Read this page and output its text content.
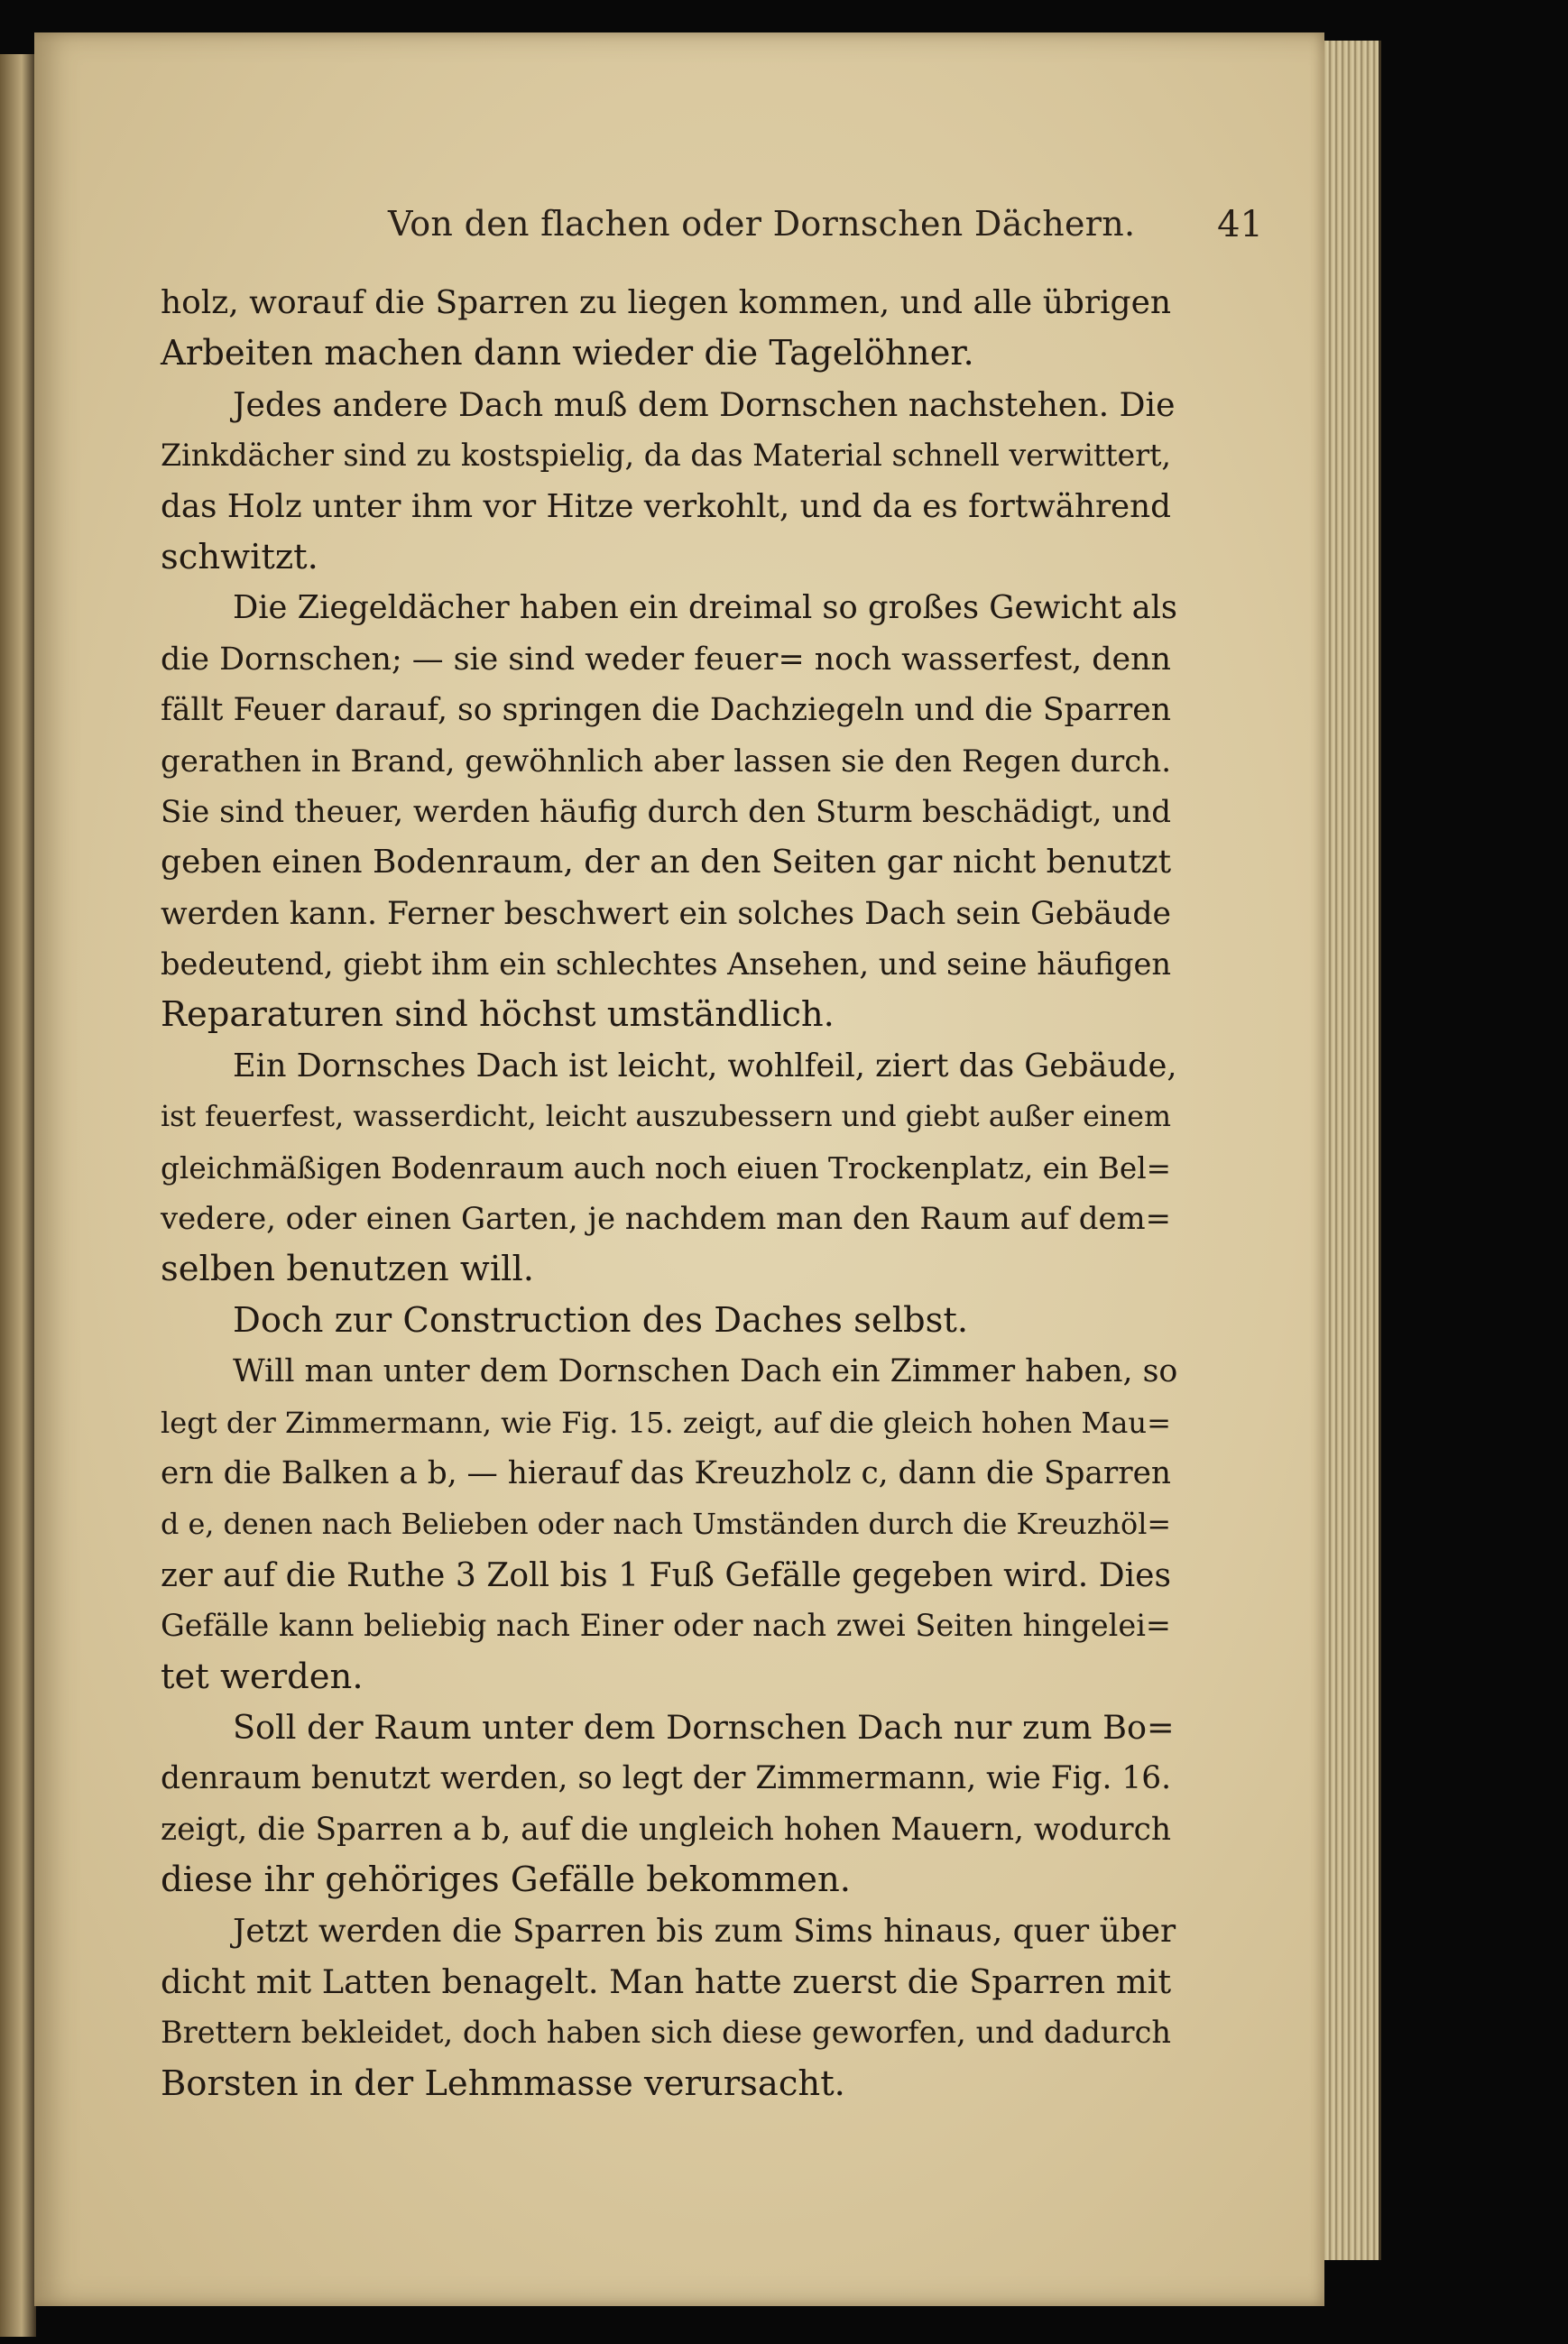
Von den flachen oder Dornschen Dächern. 41
holz, worauf die Sparren zu liegen kommen, und alle übrigen
Arbeiten machen dann wieder die Tagelöhner.
Jedes andere Dach muß dem Dornschen nachstehen. Die
Zinkdächer sind zu kostspielig, da das Material schnell verwittert,
das Holz unter ihm vor Hitze verkohlt, und da es fortwährend
schwitzt.
Die Ziegeldächer haben ein dreimal so großes Gewicht als
die Dornschen; — sie sind weder feuer= noch wasserfest, denn
fällt Feuer darauf, so springen die Dachziegeln und die Sparren
gerathen in Brand, gewöhnlich aber lassen sie den Regen durch.
Sie sind theuer, werden häufig durch den Sturm beschädigt, und
geben einen Bodenraum, der an den Seiten gar nicht benutzt
werden kann. Ferner beschwert ein solches Dach sein Gebäude
bedeutend, giebt ihm ein schlechtes Ansehen, und seine häufigen
Reparaturen sind höchst umständlich.
Ein Dornsches Dach ist leicht, wohlfeil, ziert das Gebäude,
ist feuerfest, wasserdicht, leicht auszubessern und giebt außer einem
gleichmäßigen Bodenraum auch noch eiuen Trockenplatz, ein Bel=
vedere, oder einen Garten, je nachdem man den Raum auf dem=
selben benutzen will.
Doch zur Construction des Daches selbst.
Will man unter dem Dornschen Dach ein Zimmer haben, so
legt der Zimmermann, wie Fig. 15. zeigt, auf die gleich hohen Mau=
ern die Balken a b, — hierauf das Kreuzholz c, dann die Sparren
d e, denen nach Belieben oder nach Umständen durch die Kreuzhöl=
zer auf die Ruthe 3 Zoll bis 1 Fuß Gefälle gegeben wird. Dies
Gefälle kann beliebig nach Einer oder nach zwei Seiten hingelei=
tet werden.
Soll der Raum unter dem Dornschen Dach nur zum Bo=
denraum benutzt werden, so legt der Zimmermann, wie Fig. 16.
zeigt, die Sparren a b, auf die ungleich hohen Mauern, wodurch
diese ihr gehöriges Gefälle bekommen.
Jetzt werden die Sparren bis zum Sims hinaus, quer über
dicht mit Latten benagelt. Man hatte zuerst die Sparren mit
Brettern bekleidet, doch haben sich diese geworfen, und dadurch
Borsten in der Lehmmasse verursacht.
